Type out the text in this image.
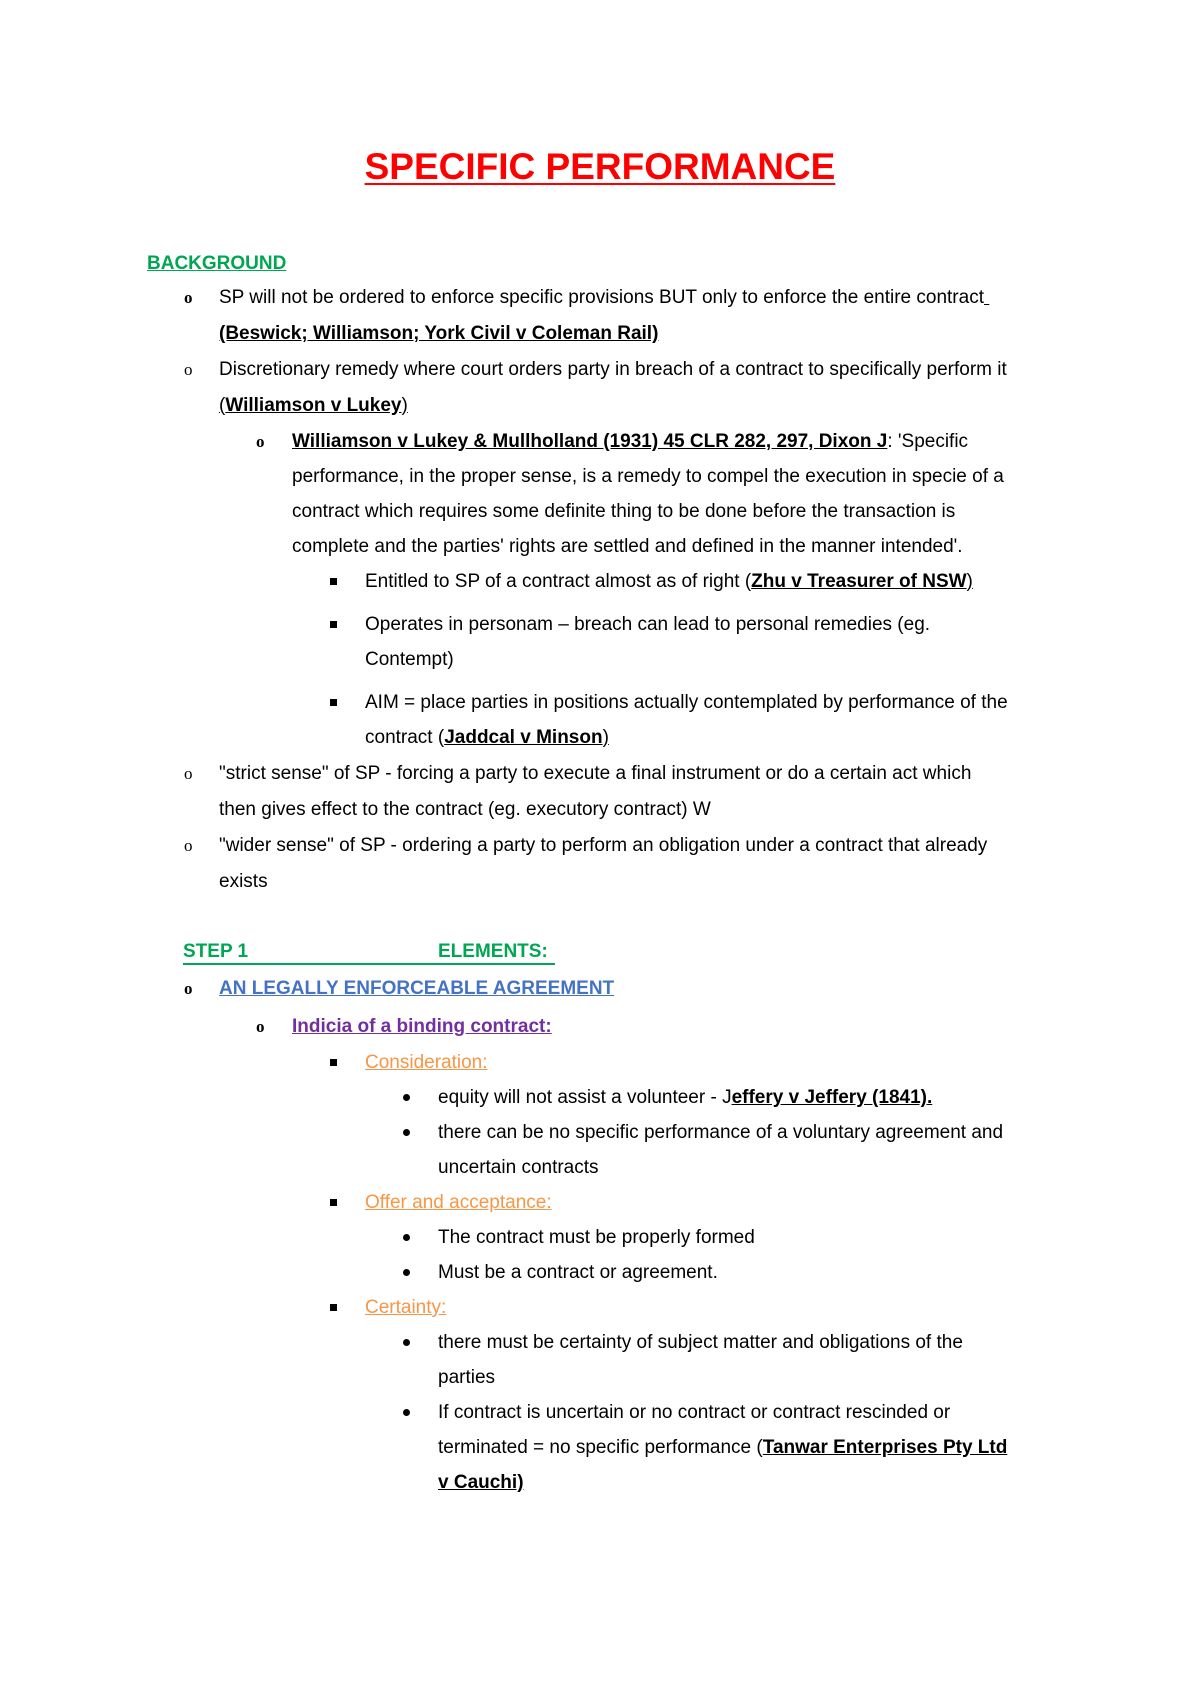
SPECIFIC PERFORMANCE
BACKGROUND
o SP will not be ordered to enforce specific provisions BUT only to enforce the entire contract
(Beswick; Williamson; York Civil v Coleman Rail)
o Discretionary remedy where court orders party in breach of a contract to specifically perform it
(Williamson v Lukey)
o Williamson v Lukey & Mullholland (1931) 45 CLR 282, 297, Dixon J: 'Specific
performance, in the proper sense, is a remedy to compel the execution in specie of a
contract which requires some definite thing to be done before the transaction is
complete and the parties' rights are settled and defined in the manner intended'.
Entitled to SP of a contract almost as of right (Zhu v Treasurer of NSW)
Operates in personam – breach can lead to personal remedies (eg.
Contempt)
AIM = place parties in positions actually contemplated by performance of the
contract (Jaddcal v Minson)
o "strict sense" of SP - forcing a party to execute a final instrument or do a certain act which
then gives effect to the contract (eg. executory contract) W
o "wider sense" of SP - ordering a party to perform an obligation under a contract that already
exists
STEP 1	ELEMENTS:
o AN LEGALLY ENFORCEABLE AGREEMENT
o Indicia of a binding contract:
Consideration:
equity will not assist a volunteer - Jeffery v Jeffery (1841).
there can be no specific performance of a voluntary agreement and
uncertain contracts
Offer and acceptance:
The contract must be properly formed
Must be a contract or agreement.
Certainty:
there must be certainty of subject matter and obligations of the
parties
If contract is uncertain or no contract or contract rescinded or
terminated = no specific performance (Tanwar Enterprises Pty Ltd
v Cauchi)
